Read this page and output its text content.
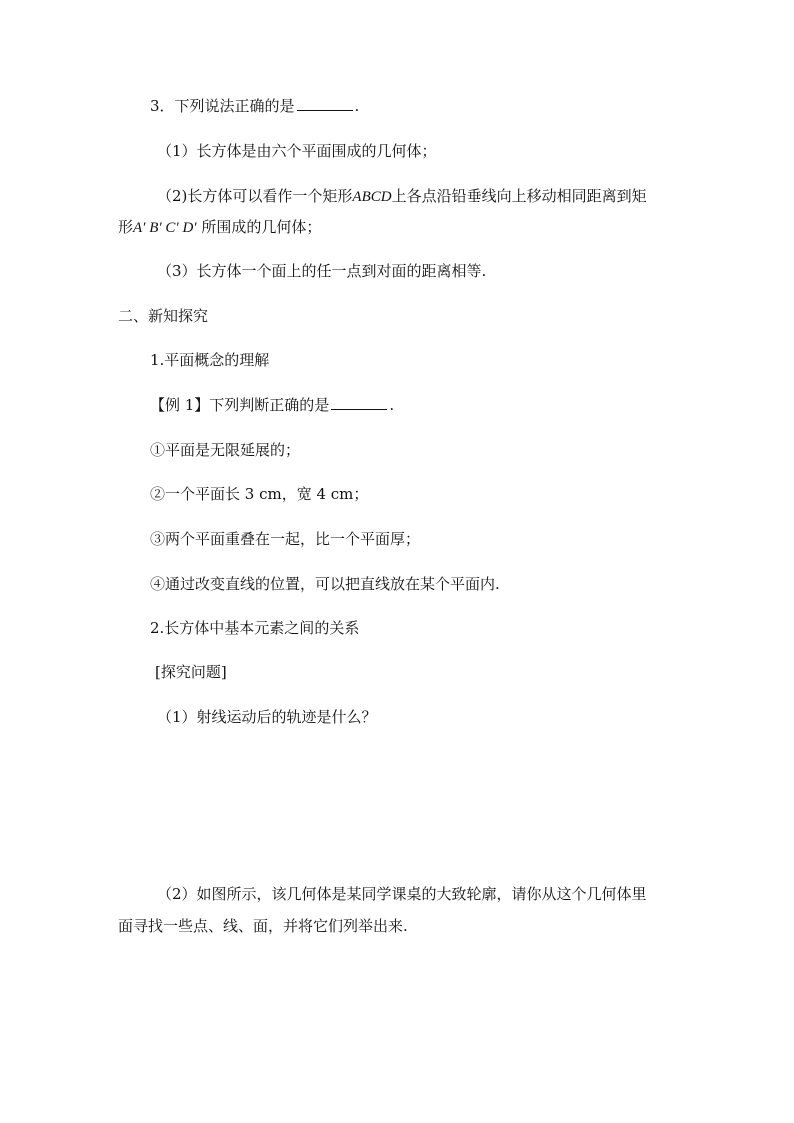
3．下列说法正确的是	.
（1）长方体是由六个平面围成的几何体；
（2)长方体可以看作一个矩形ABCD上各点沿铅垂线向上移动相同距离到矩
形A′ B′ C′ D′ 所围成的几何体；
（3）长方体一个面上的任一点到对面的距离相等.
二、新知探究
1.平面概念的理解
【例 1】下列判断正确的是	.
①平面是无限延展的；
②一个平面长 3 cm，宽 4 cm；
③两个平面重叠在一起，比一个平面厚；
④通过改变直线的位置，可以把直线放在某个平面内.
2.长方体中基本元素之间的关系
[探究问题]
（1）射线运动后的轨迹是什么？
（2）如图所示，该几何体是某同学课桌的大致轮廓，请你从这个几何体里
面寻找一些点、线、面，并将它们列举出来.
